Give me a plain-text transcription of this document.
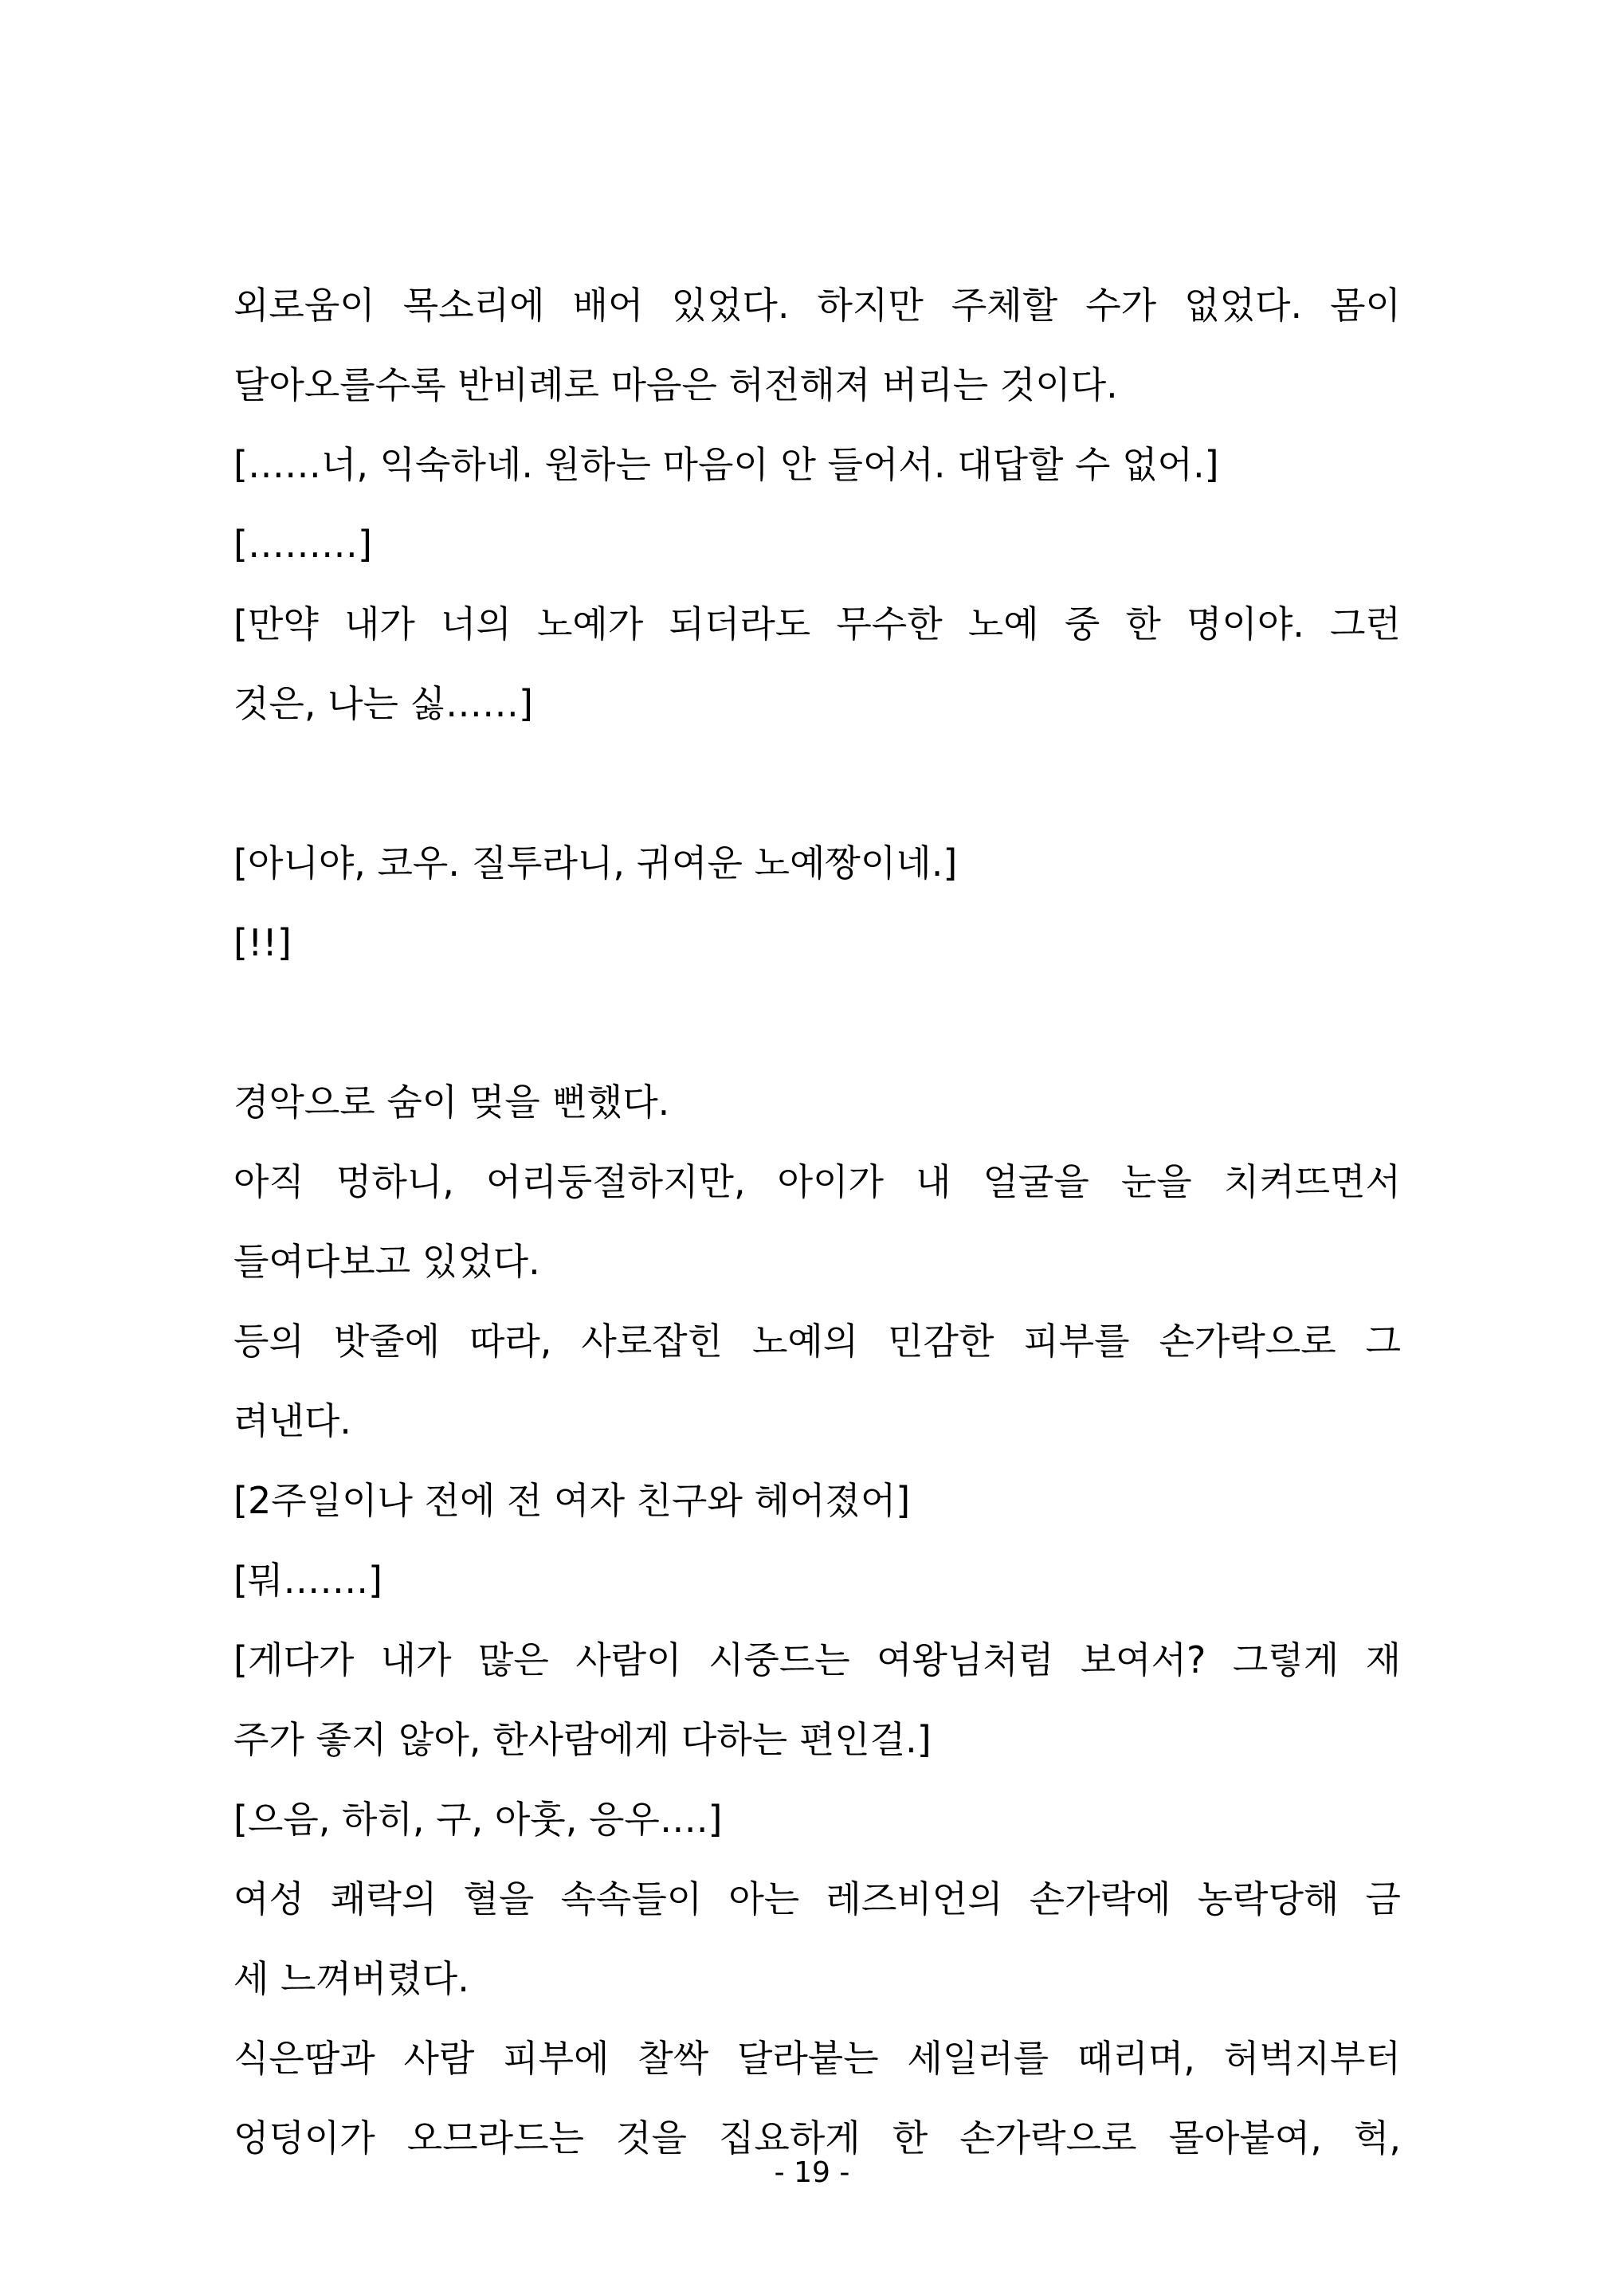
외로움이 목소리에 배어 있었다. 하지만 주체할 수가 없었다. 몸이
달아오를수록 반비례로 마음은 허전해져 버리는 것이다.
[……너, 익숙하네. 원하는 마음이 안 들어서. 대답할 수 없어.]
[………]
[만약 내가 너의 노예가 되더라도 무수한 노예 중 한 명이야. 그런
것은, 나는 싫……]
[아니야, 코우. 질투라니, 귀여운 노예짱이네.]
[!!]
경악으로 숨이 멎을 뻔했다.
아직 멍하니, 어리둥절하지만, 아이가 내 얼굴을 눈을 치켜뜨면서
들여다보고 있었다.
등의 밧줄에 따라, 사로잡힌 노예의 민감한 피부를 손가락으로 그
려낸다.
[2주일이나 전에 전 여자 친구와 헤어졌어]
[뭐…….]
[게다가 내가 많은 사람이 시중드는 여왕님처럼 보여서? 그렇게 재
주가 좋지 않아, 한사람에게 다하는 편인걸.]
[으음, 하히, 구, 아훗, 응우….]
여성 쾌락의 혈을 속속들이 아는 레즈비언의 손가락에 농락당해 금
세 느껴버렸다.
식은땀과 사람 피부에 찰싹 달라붙는 세일러를 때리며, 허벅지부터
엉덩이가 오므라드는 것을 집요하게 한 손가락으로 몰아붙여, 헉,
- 19 -
